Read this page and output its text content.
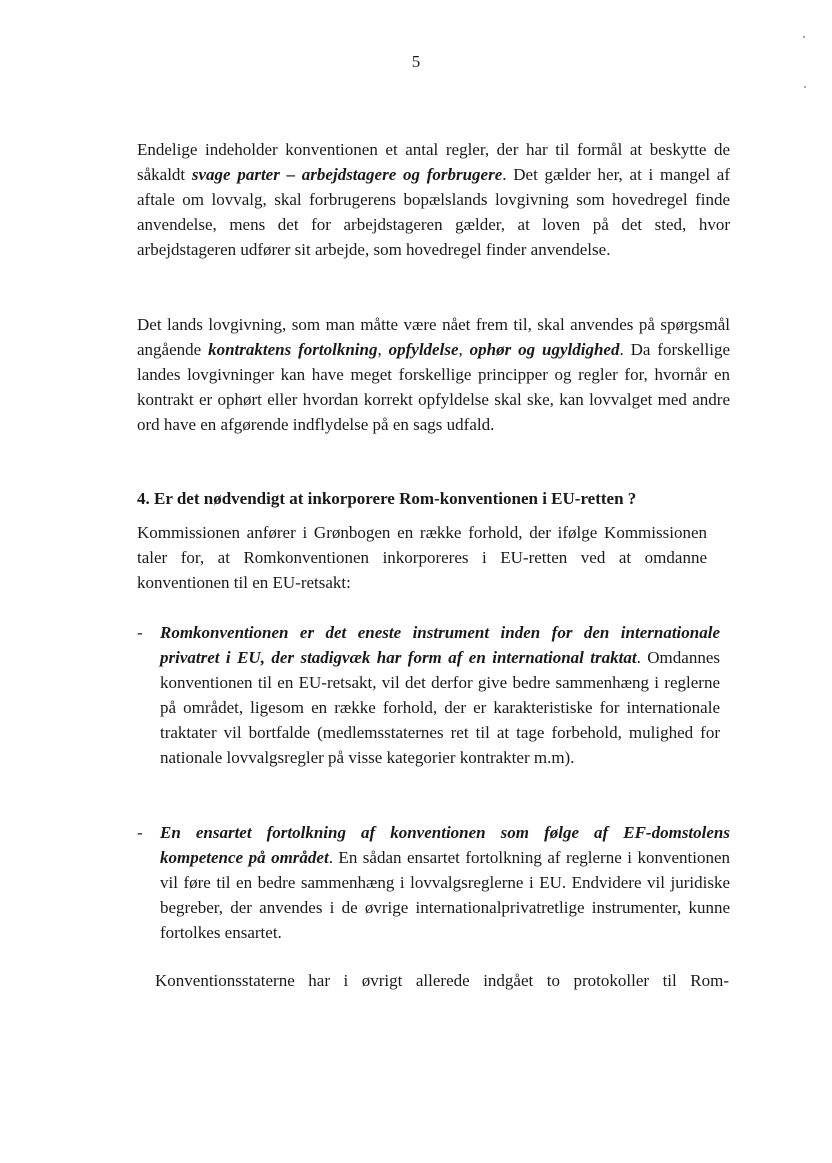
5

Endelige indeholder konventionen et antal regler, der har til formål at beskytte de såkaldt svage parter – arbejdstagere og forbrugere. Det gælder her, at i mangel af aftale om lovvalg, skal forbrugerens bopælslands lovgivning som hovedregel finde anvendelse, mens det for arbejdstageren gælder, at loven på det sted, hvor arbejdstageren udfører sit arbejde, som hovedregel finder anvendelse.

Det lands lovgivning, som man måtte være nået frem til, skal anvendes på spørgsmål angående kontraktens fortolkning, opfyldelse, ophør og ugyldighed. Da forskellige landes lovgivninger kan have meget forskellige principper og regler for, hvornår en kontrakt er ophørt eller hvordan korrekt opfyldelse skal ske, kan lovvalget med andre ord have en afgørende indflydelse på en sags udfald.

4. Er det nødvendigt at inkorporere Rom-konventionen i EU-retten ?

Kommissionen anfører i Grønbogen en række forhold, der ifølge Kommissionen taler for, at Romkonventionen inkorporeres i EU-retten ved at omdanne konventionen til en EU-retsakt:

- Romkonventionen er det eneste instrument inden for den internationale privatret i EU, der stadigvæk har form af en international traktat. Omdannes konventionen til en EU-retsakt, vil det derfor give bedre sammenhæng i reglerne på området, ligesom en række forhold, der er karakteristiske for internationale traktater vil bortfalde (medlemsstaternes ret til at tage forbehold, mulighed for nationale lovvalgsregler på visse kategorier kontrakter m.m).

- En ensartet fortolkning af konventionen som følge af EF-domstolens kompetence på området. En sådan ensartet fortolkning af reglerne i konventionen vil føre til en bedre sammenhæng i lovvalgsreglerne i EU. Endvidere vil juridiske begreber, der anvendes i de øvrige internationalprivatretlige instrumenter, kunne fortolkes ensartet.

Konventionsstaterne har i øvrigt allerede indgået to protokoller til Rom-
